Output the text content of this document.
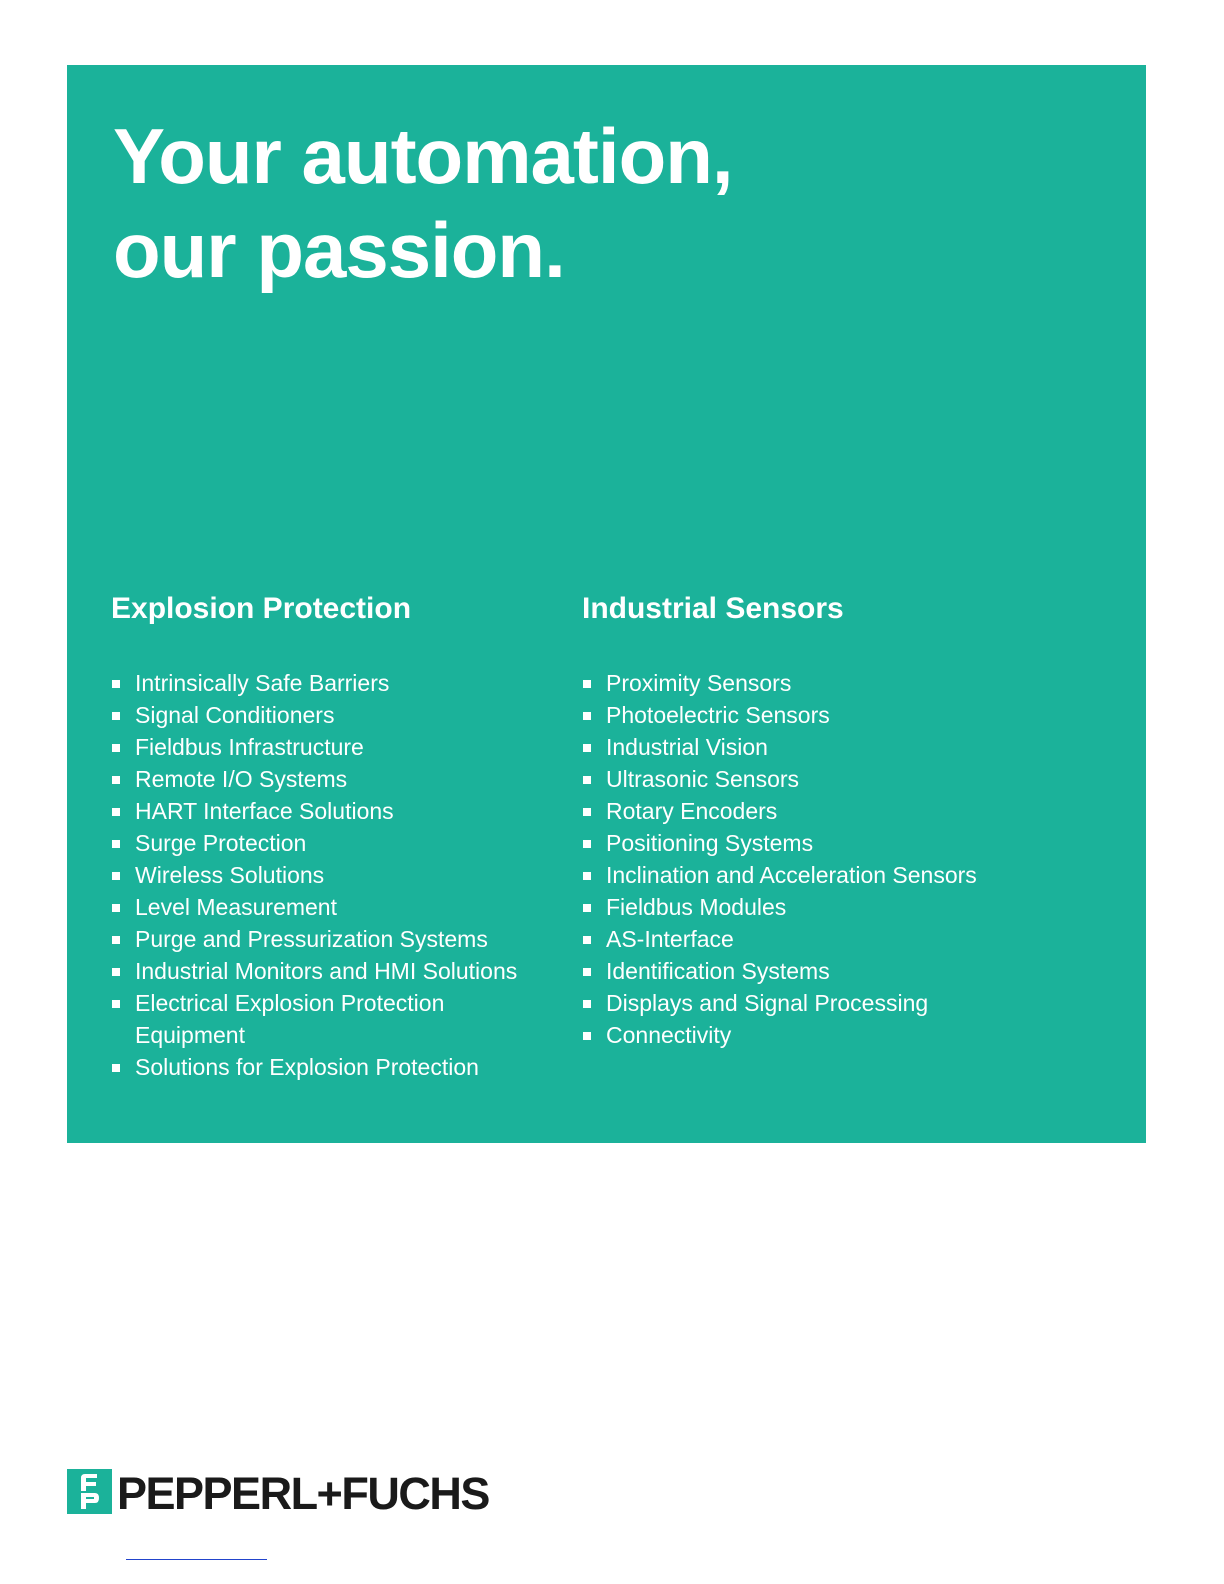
Your automation,
our passion.
Explosion Protection
Intrinsically Safe Barriers
Signal Conditioners
Fieldbus Infrastructure
Remote I/O Systems
HART Interface Solutions
Surge Protection
Wireless Solutions
Level Measurement
Purge and Pressurization Systems
Industrial Monitors and HMI Solutions
Electrical Explosion Protection Equipment
Solutions for Explosion Protection
Industrial Sensors
Proximity Sensors
Photoelectric Sensors
Industrial Vision
Ultrasonic Sensors
Rotary Encoders
Positioning Systems
Inclination and Acceleration Sensors
Fieldbus Modules
AS-Interface
Identification Systems
Displays and Signal Processing
Connectivity
PEPPERL+FUCHS
